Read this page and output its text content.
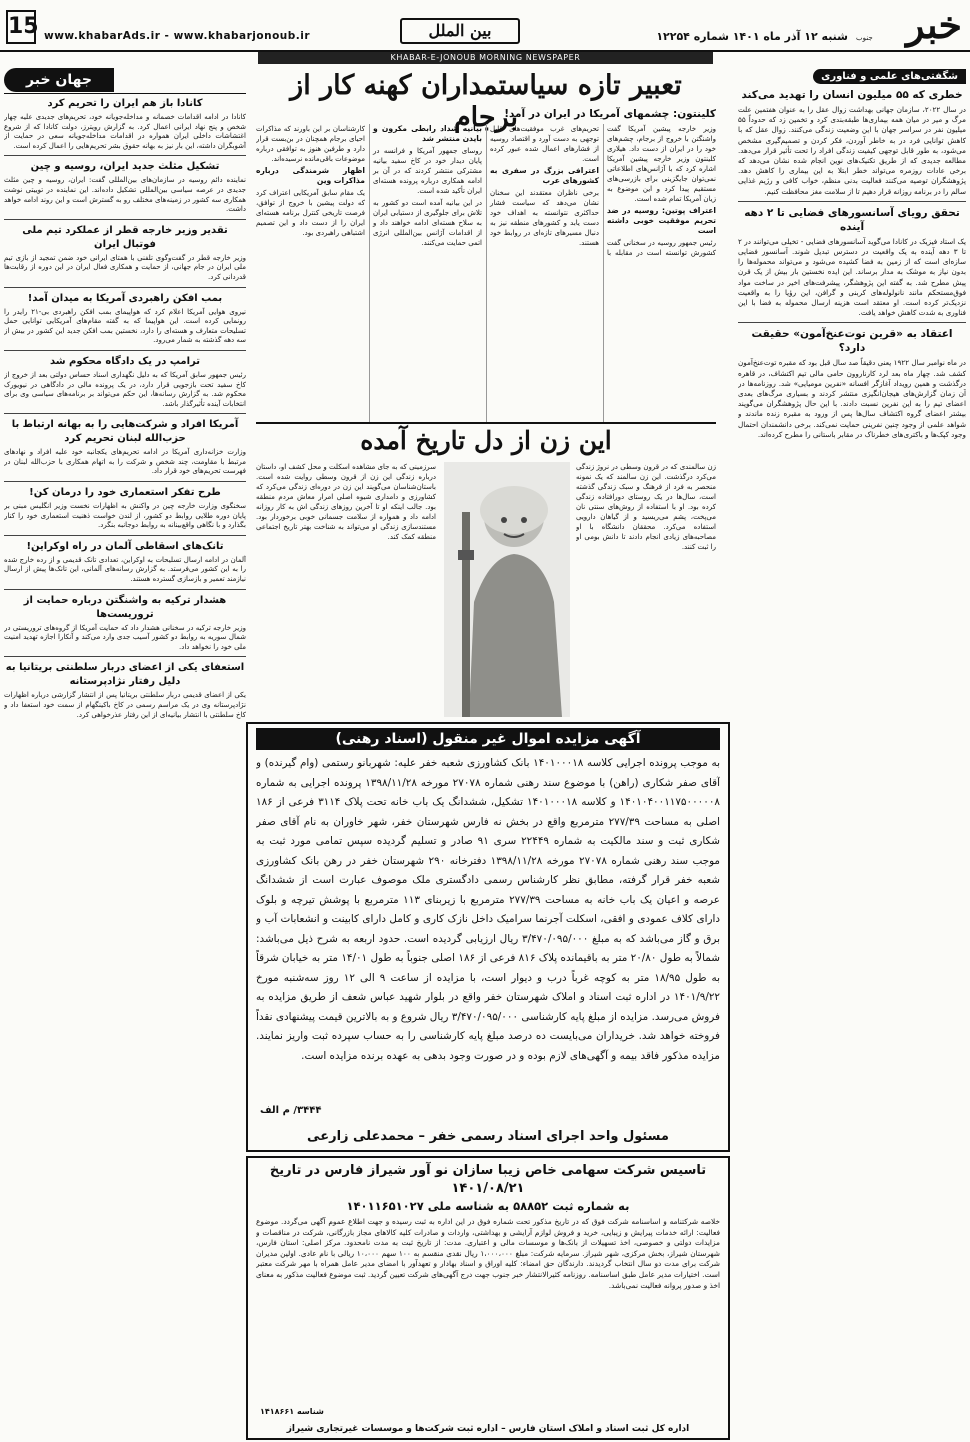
15 www.khabarAds.ir - www.khabarjonoub.ir	بین الملل	شنبه ۱۲ آذر ماه ۱۴۰۱ شماره ۱۲۲۵۴ خبر
جنوب
KHABAR-E-JONOUB MORNING NEWSPAPER
شگفتی‌های علمی و فناوری
خطری که ۵۵ میلیون انسان را تهدید می‌کند

در سال ۲۰۲۲، سازمان جهانی بهداشت زوال عقل را به عنوان هفتمین علت مرگ و میر در میان همه بیماری‌ها طبقه‌بندی کرد و تخمین زد که حدوداً ۵۵ میلیون نفر در سراسر جهان با این وضعیت زندگی می‌کنند. زوال عقل که با کاهش توانایی فرد در به خاطر آوردن، فکر کردن و تصمیم‌گیری مشخص می‌شود، به طور قابل توجهی کیفیت زندگی افراد را تحت تأثیر قرار می‌دهد. مطالعه جدیدی که از طریق تکنیک‌های نوین انجام شده نشان می‌دهد که برخی عادات روزمره می‌تواند خطر ابتلا به این بیماری را کاهش دهد. پژوهشگران توصیه می‌کنند فعالیت بدنی منظم، خواب کافی و رژیم غذایی سالم را در برنامه روزانه قرار دهیم تا از سلامت مغز محافظت کنیم.

تحقق رویای آسانسورهای فضایی تا ۲ دهه آینده

یک استاد فیزیک در کانادا می‌گوید آسانسورهای فضایی - تخیلی می‌توانند در ۲ تا ۳ دهه آینده به یک واقعیت در دسترس تبدیل شوند. آسانسور فضایی سازه‌ای است که از زمین به فضا کشیده می‌شود و می‌تواند محموله‌ها را بدون نیاز به موشک به مدار برساند. این ایده نخستین بار بیش از یک قرن پیش مطرح شد. به گفته این پژوهشگر، پیشرفت‌های اخیر در ساخت مواد فوق‌مستحکم مانند نانولوله‌های کربنی و گرافن، این رؤیا را به واقعیت نزدیک‌تر کرده است. او معتقد است هزینه ارسال محموله به فضا با این فناوری به شدت کاهش خواهد یافت.

اعتقاد به «قرین توت‌عنخ‌آمون» حقیقت دارد؟

در ماه نوامبر سال ۱۹۲۲ یعنی دقیقاً صد سال قبل بود که مقبره توت‌عنخ‌آمون کشف شد. چهار ماه بعد لرد کارناروون حامی مالی تیم اکتشاف، در قاهره درگذشت و همین رویداد آغازگر افسانه «نفرین مومیایی» شد. روزنامه‌ها در آن زمان گزارش‌های هیجان‌انگیزی منتشر کردند و بسیاری مرگ‌های بعدی اعضای تیم را به این نفرین نسبت دادند. با این حال پژوهشگران می‌گویند بیشتر اعضای گروه اکتشاف سال‌ها پس از ورود به مقبره زنده ماندند و شواهد علمی از وجود چنین نفرینی حمایت نمی‌کند. برخی دانشمندان احتمال وجود کپک‌ها و باکتری‌های خطرناک در مقابر باستانی را مطرح کرده‌اند.

جهان خبر
کانادا باز هم ایران را تحریم کرد

کانادا در ادامه اقدامات خصمانه و مداخله‌جویانه خود، تحریم‌های جدیدی علیه چهار شخص و پنج نهاد ایرانی اعمال کرد. به گزارش رویترز، دولت کانادا که از شروع اغتشاشات داخلی ایران همواره در اقدامات مداخله‌جویانه سعی در حمایت از آشوبگران داشته، این بار نیز به بهانه حقوق بشر تحریم‌هایی را اعمال کرده است.

تشکیل مثلث جدید ایران، روسیه و چین

نماینده دائم روسیه در سازمان‌های بین‌المللی گفت: ایران، روسیه و چین مثلث جدیدی در عرصه سیاسی بین‌المللی تشکیل داده‌اند. این نماینده در توییتی نوشت همکاری سه کشور در زمینه‌های مختلف رو به گسترش است و این روند ادامه خواهد داشت.

تقدیر وزیر خارجه قطر از عملکرد تیم ملی فوتبال ایران

وزیر خارجه قطر در گفت‌وگوی تلفنی با همتای ایرانی خود ضمن تمجید از بازی تیم ملی ایران در جام جهانی، از حمایت و همکاری فعال ایران در این دوره از رقابت‌ها قدردانی کرد.

بمب افکن راهبردی آمریکا به میدان آمد!

نیروی هوایی آمریکا اعلام کرد که هواپیمای بمب افکن راهبردی بی-۲۱ رایدر را رونمایی کرده است. این هواپیما که به گفته مقام‌های آمریکایی توانایی حمل تسلیحات متعارف و هسته‌ای را دارد، نخستین بمب افکن جدید این کشور در بیش از سه دهه گذشته به شمار می‌رود.

ترامپ در یک دادگاه محکوم شد

رئیس جمهور سابق آمریکا که به دلیل نگهداری اسناد حساس دولتی بعد از خروج از کاخ سفید تحت بازجویی قرار دارد، در یک پرونده مالی در دادگاهی در نیویورک محکوم شد. به گزارش رسانه‌ها، این حکم می‌تواند بر برنامه‌های سیاسی وی برای انتخابات آینده تأثیرگذار باشد.

آمریکا افراد و شرکت‌هایی را به بهانه ارتباط با حزب‌الله لبنان تحریم کرد

وزارت خزانه‌داری آمریکا در ادامه تحریم‌های یکجانبه خود علیه افراد و نهادهای مرتبط با مقاومت، چند شخص و شرکت را به اتهام همکاری با حزب‌الله لبنان در فهرست تحریم‌های خود قرار داد.

طرح تفکر استعماری خود را درمان کن!

سخنگوی وزارت خارجه چین در واکنش به اظهارات نخست وزیر انگلیس مبنی بر پایان دوره طلایی روابط دو کشور، از لندن خواست ذهنیت استعماری خود را کنار بگذارد و با نگاهی واقع‌بینانه به روابط دوجانبه بنگرد.

تانک‌های اسقاطی آلمان در راه اوکراین!

آلمان در ادامه ارسال تسلیحات به اوکراین، تعدادی تانک قدیمی و از رده خارج شده را به این کشور می‌فرستد. به گزارش رسانه‌های آلمانی، این تانک‌ها پیش از ارسال نیازمند تعمیر و بازسازی گسترده هستند.

هشدار ترکیه به واشنگتن درباره حمایت از تروریست‌ها

وزیر خارجه ترکیه در سخنانی هشدار داد که حمایت آمریکا از گروه‌های تروریستی در شمال سوریه به روابط دو کشور آسیب جدی وارد می‌کند و آنکارا اجازه تهدید امنیت ملی خود را نخواهد داد.

استعفای یکی از اعضای دربار سلطنتی بریتانیا به دلیل رفتار نژادپرستانه

یکی از اعضای قدیمی دربار سلطنتی بریتانیا پس از انتشار گزارشی درباره اظهارات نژادپرستانه وی در یک مراسم رسمی در کاخ باکینگهام از سمت خود استعفا داد و کاخ سلطنتی با انتشار بیانیه‌ای از این رفتار عذرخواهی کرد.

تعبیر تازه سیاستمداران کهنه کار از برجام
کلینتون: چشمهای آمریکا در ایران در آمد!

وزیر خارجه پیشین آمریکا گفت واشنگتن با خروج از برجام، چشم‌های خود را در ایران از دست داد. هیلاری کلینتون وزیر خارجه پیشین آمریکا اشاره کرد که با آژانس‌های اطلاعاتی نمی‌توان جایگزینی برای بازرسی‌های مستقیم پیدا کرد و این موضوع به زیان آمریکا تمام شده است.

اعتراف پوتین: روسیه در ضد تحریم موفقیت خوبی داشته است

رئیس جمهور روسیه در سخنانی گفت کشورش توانسته است در مقابله با تحریم‌های غرب موفقیت‌های قابل توجهی به دست آورد و اقتصاد روسیه از فشارهای اعمال شده عبور کرده است.

اعترافی بزرگ در سفری به کشورهای عرب

برخی ناظران معتقدند این سخنان نشان می‌دهد که سیاست فشار حداکثری نتوانسته به اهداف خود دست یابد و کشورهای منطقه نیز به دنبال مسیرهای تازه‌ای در روابط خود هستند.

بیانیه شداد رابطی مکرون و بایدن منتشر شد

روسای جمهور آمریکا و فرانسه در پایان دیدار خود در کاخ سفید بیانیه مشترکی منتشر کردند که در آن بر ادامه همکاری درباره پرونده هسته‌ای ایران تأکید شده است.

در این بیانیه آمده است دو کشور به تلاش برای جلوگیری از دستیابی ایران به سلاح هسته‌ای ادامه خواهند داد و از اقدامات آژانس بین‌المللی انرژی اتمی حمایت می‌کنند.

کارشناسان بر این باورند که مذاکرات احیای برجام همچنان در بن‌بست قرار دارد و طرفین هنوز به توافقی درباره موضوعات باقی‌مانده نرسیده‌اند.

اظهار شرمندگی درباره مذاکرات وین

یک مقام سابق آمریکایی اعتراف کرد که دولت پیشین با خروج از توافق، فرصت تاریخی کنترل برنامه هسته‌ای ایران را از دست داد و این تصمیم اشتباهی راهبردی بود.

این زن از دل تاریخ آمده
زن سالمندی که در قرون وسطی در نروژ زندگی می‌کرد درگذشت. این زن سالمند که یک نمونه منحصر به فرد از فرهنگ و سبک زندگی گذشته است، سال‌ها در یک روستای دورافتاده زندگی کرده بود. او با استفاده از روش‌های سنتی نان می‌پخت، پشم می‌ریسید و از گیاهان دارویی استفاده می‌کرد. محققان دانشگاه با او مصاحبه‌های زیادی انجام دادند تا دانش بومی او را ثبت کنند.
سرزمینی که به جای مشاهده اسکلت و محل کشف او، داستان درباره زندگی این زن از قرون وسطی روایت شده است. باستان‌شناسان می‌گویند این زن در دوره‌ای زندگی می‌کرد که کشاورزی و دامداری شیوه اصلی امرار معاش مردم منطقه بود. جالب اینکه او تا آخرین روزهای زندگی اش به کار روزانه ادامه داد و همواره از سلامت جسمانی خوبی برخوردار بود. مستندسازی زندگی او می‌تواند به شناخت بهتر تاریخ اجتماعی منطقه کمک کند.
آگهی مزایده اموال غیر منقول (اسناد رهنی)

به موجب پرونده اجرایی کلاسه ۱۴۰۱۰۰۰۱۸ بانک کشاورزی شعبه خفر علیه: شهربانو رستمی (وام گیرنده) و آقای صفر شکاری (راهن) با موضوع سند رهنی شماره ۲۷۰۷۸ مورخه ۱۳۹۸/۱۱/۲۸ پرونده اجرایی به شماره ۱۴۰۱۰۴۰۰۱۱۷۵۰۰۰۰۰۸ و کلاسه ۱۴۰۱۰۰۰۱۸ تشکیل، ششدانگ یک باب خانه تحت پلاک ۳۱۱۴ فرعی از ۱۸۶ اصلی به مساحت ۲۷۷/۳۹ مترمربع واقع در بخش نه فارس شهرستان خفر، شهر خاوران به نام آقای صفر شکاری ثبت و سند مالکیت به شماره ۲۲۴۴۹ سری ۹۱ صادر و تسلیم گردیده سپس تمامی مورد ثبت به موجب سند رهنی شماره ۲۷۰۷۸ مورخه ۱۳۹۸/۱۱/۲۸ دفترخانه ۲۹۰ شهرستان خفر در رهن بانک کشاورزی شعبه خفر قرار گرفته، مطابق نظر کارشناس رسمی دادگستری ملک موصوف عبارت است از ششدانگ عرصه و اعیان یک باب خانه به مساحت ۲۷۷/۳۹ مترمربع با زیربنای ۱۱۳ مترمربع با پوشش تیرچه و بلوک دارای کلاف عمودی و افقی، اسکلت آجرنما سرامیک داخل نازک کاری و کامل دارای کابینت و انشعابات آب و برق و گاز می‌باشد که به مبلغ ۳/۴۷۰/۰۹۵/۰۰۰ ریال ارزیابی گردیده است. حدود اربعه به شرح ذیل می‌باشد: شمالاً به طول ۲۰/۸۰ متر به باقیمانده پلاک ۸۱۶ فرعی از ۱۸۶ اصلی جنوباً به طول ۱۴/۰۱ متر به خیابان شرقاً به طول ۱۸/۹۵ متر به کوچه غرباً درب و دیوار است، با مزایده از ساعت ۹ الی ۱۲ روز سه‌شنبه مورخ ۱۴۰۱/۹/۲۲ در اداره ثبت اسناد و املاک شهرستان خفر واقع در بلوار شهید عباس شعف از طریق مزایده به فروش می‌رسد. مزایده از مبلغ پایه کارشناسی ۳/۴۷۰/۰۹۵/۰۰۰ ریال شروع و به بالاترین قیمت پیشنهادی نقداً فروخته خواهد شد. خریداران می‌بایست ده درصد مبلغ پایه کارشناسی را به حساب سپرده ثبت واریز نمایند. مزایده مذکور فاقد بیمه و آگهی‌های لازم بوده و در صورت وجود بدهی به عهده برنده مزایده است.

۳۴۴۴/ م الف
مسئول واحد اجرای اسناد رسمی خفر – محمدعلی زارعی
تاسیس شرکت سهامی خاص زیبا سازان نو آور شیراز فارس در تاریخ ۱۴۰۱/۰۸/۲۱
به شماره ثبت ۵۸۸۵۲ به شناسه ملی ۱۴۰۱۱۶۵۱۰۲۷

خلاصه شرکتنامه و اساسنامه شرکت فوق که در تاریخ مذکور تحت شماره فوق در این اداره به ثبت رسیده و جهت اطلاع عموم آگهی می‌گردد. موضوع فعالیت: ارائه خدمات پیرایش و زیبایی، خرید و فروش لوازم آرایشی و بهداشتی، واردات و صادرات کلیه کالاهای مجاز بازرگانی، شرکت در مناقصات و مزایدات دولتی و خصوصی، اخذ تسهیلات از بانک‌ها و موسسات مالی و اعتباری. مدت: از تاریخ ثبت به مدت نامحدود. مرکز اصلی: استان فارس، شهرستان شیراز، بخش مرکزی، شهر شیراز. سرمایه شرکت: مبلغ ۱،۰۰۰،۰۰۰ ریال نقدی منقسم به ۱۰۰ سهم ۱۰،۰۰۰ ریالی با نام عادی. اولین مدیران شرکت برای مدت دو سال انتخاب گردیدند. دارندگان حق امضاء: کلیه اوراق و اسناد بهادار و تعهدآور با امضای مدیر عامل همراه با مهر شرکت معتبر است. اختیارات مدیر عامل طبق اساسنامه. روزنامه کثیرالانتشار خبر جنوب جهت درج آگهی‌های شرکت تعیین گردید. ثبت موضوع فعالیت مذکور به معنای اخذ و صدور پروانه فعالیت نمی‌باشد.

شناسه ۱۴۱۸۶۶۱
اداره کل ثبت اسناد و املاک استان فارس – اداره ثبت شرکت‌ها و موسسات غیرتجاری شیراز
